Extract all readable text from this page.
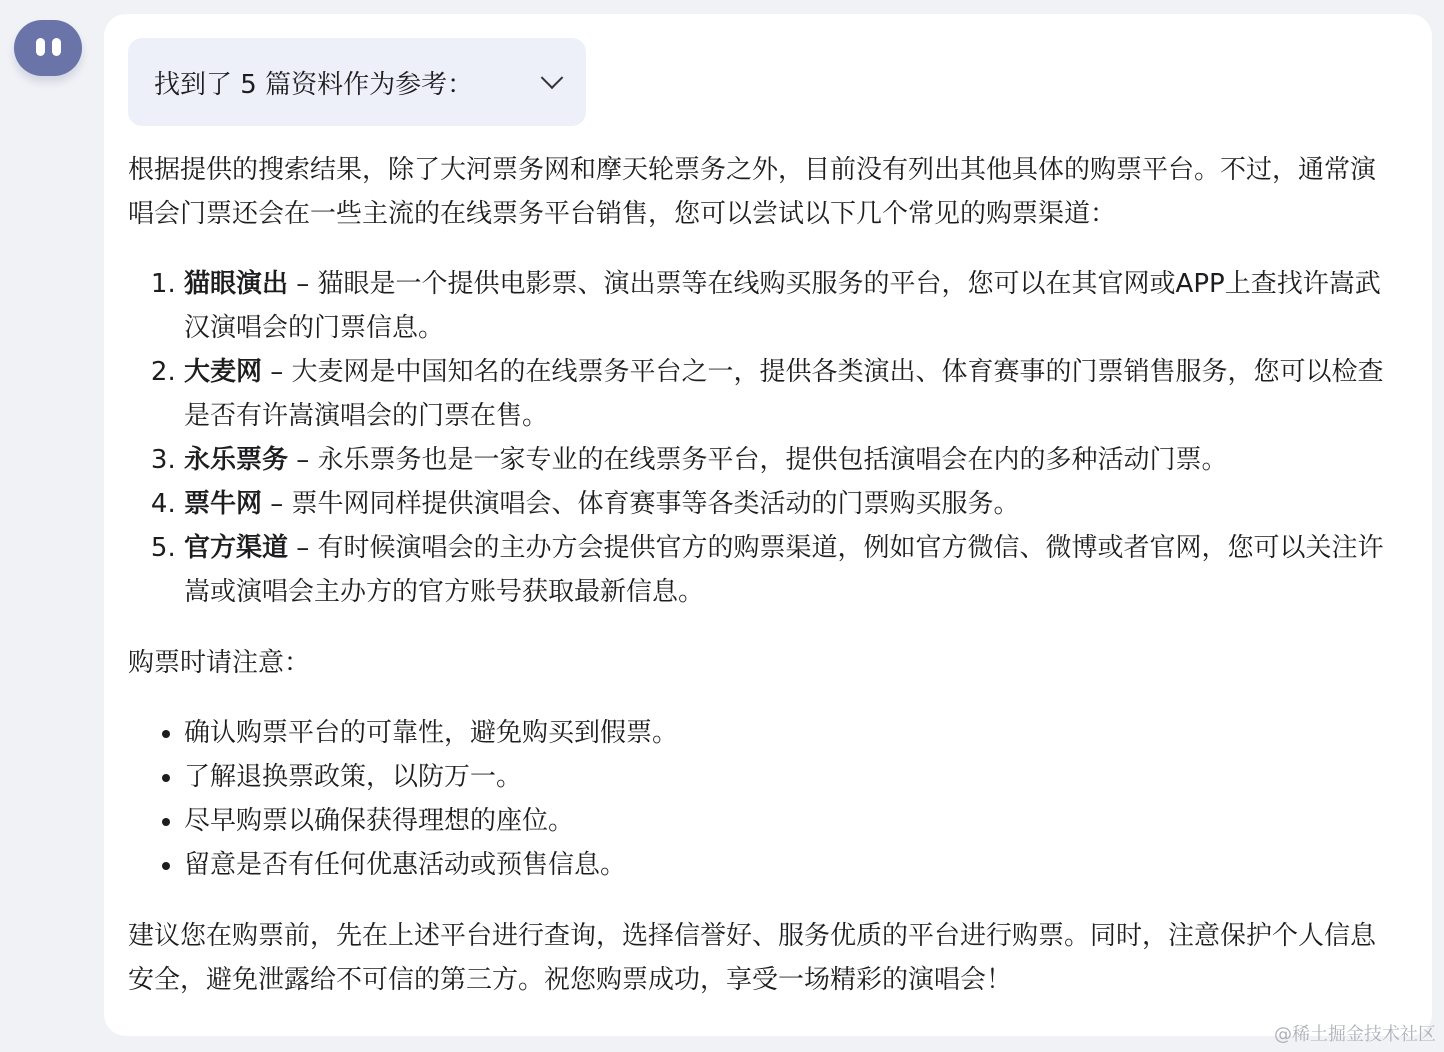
找到了 5 篇资料作为参考：

根据提供的搜索结果，除了大河票务网和摩天轮票务之外，目前没有列出其他具体的购票平台。不过，通常演唱会门票还会在一些主流的在线票务平台销售，您可以尝试以下几个常见的购票渠道：

1. 猫眼演出 – 猫眼是一个提供电影票、演出票等在线购买服务的平台，您可以在其官网或APP上查找许嵩武汉演唱会的门票信息。
2. 大麦网 – 大麦网是中国知名的在线票务平台之一，提供各类演出、体育赛事的门票销售服务，您可以检查是否有许嵩演唱会的门票在售。
3. 永乐票务 – 永乐票务也是一家专业的在线票务平台，提供包括演唱会在内的多种活动门票。
4. 票牛网 – 票牛网同样提供演唱会、体育赛事等各类活动的门票购买服务。
5. 官方渠道 – 有时候演唱会的主办方会提供官方的购票渠道，例如官方微信、微博或者官网，您可以关注许嵩或演唱会主办方的官方账号获取最新信息。

购票时请注意：

• 确认购票平台的可靠性，避免购买到假票。
• 了解退换票政策，以防万一。
• 尽早购票以确保获得理想的座位。
• 留意是否有任何优惠活动或预售信息。

建议您在购票前，先在上述平台进行查询，选择信誉好、服务优质的平台进行购票。同时，注意保护个人信息安全，避免泄露给不可信的第三方。祝您购票成功，享受一场精彩的演唱会！

@稀土掘金技术社区
